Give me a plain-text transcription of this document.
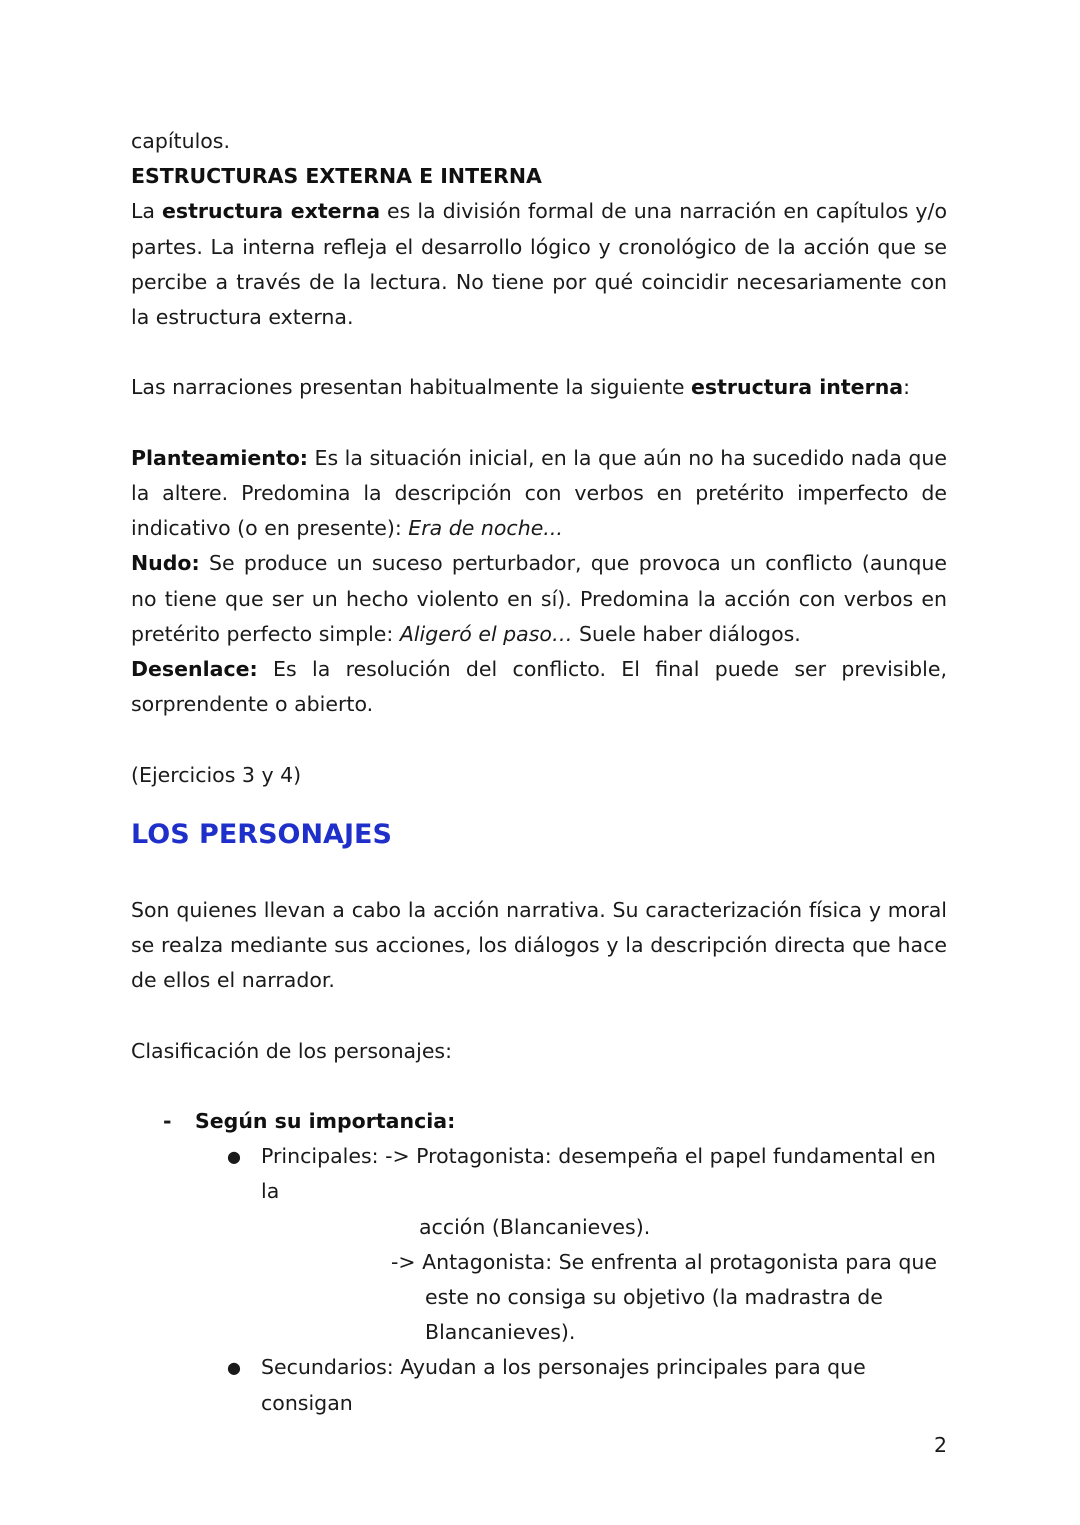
capítulos.

ESTRUCTURAS EXTERNA E INTERNA

La estructura externa es la división formal de una narración en capítulos y/o partes. La interna refleja el desarrollo lógico y cronológico de la acción que se percibe a través de la lectura. No tiene por qué coincidir necesariamente con la estructura externa.

Las narraciones presentan habitualmente la siguiente estructura interna:

Planteamiento: Es la situación inicial, en la que aún no ha sucedido nada que la altere. Predomina la descripción con verbos en pretérito imperfecto de indicativo (o en presente): Era de noche...

Nudo: Se produce un suceso perturbador, que provoca un conflicto (aunque no tiene que ser un hecho violento en sí). Predomina la acción con verbos en pretérito perfecto simple: Aligeró el paso… Suele haber diálogos.

Desenlace: Es la resolución del conflicto. El final puede ser previsible, sorprendente o abierto.

(Ejercicios 3 y 4)

LOS PERSONAJES

Son quienes llevan a cabo la acción narrativa. Su caracterización física y moral se realza mediante sus acciones, los diálogos y la descripción directa que hace de ellos el narrador.

Clasificación de los personajes:

- Según su importancia:
● Principales: -> Protagonista: desempeña el papel fundamental en la

acción (Blancanieves).

-> Antagonista: Se enfrenta al protagonista para que

este no consiga su objetivo (la madrastra de

Blancanieves).

● Secundarios: Ayudan a los personajes principales para que consigan
2
